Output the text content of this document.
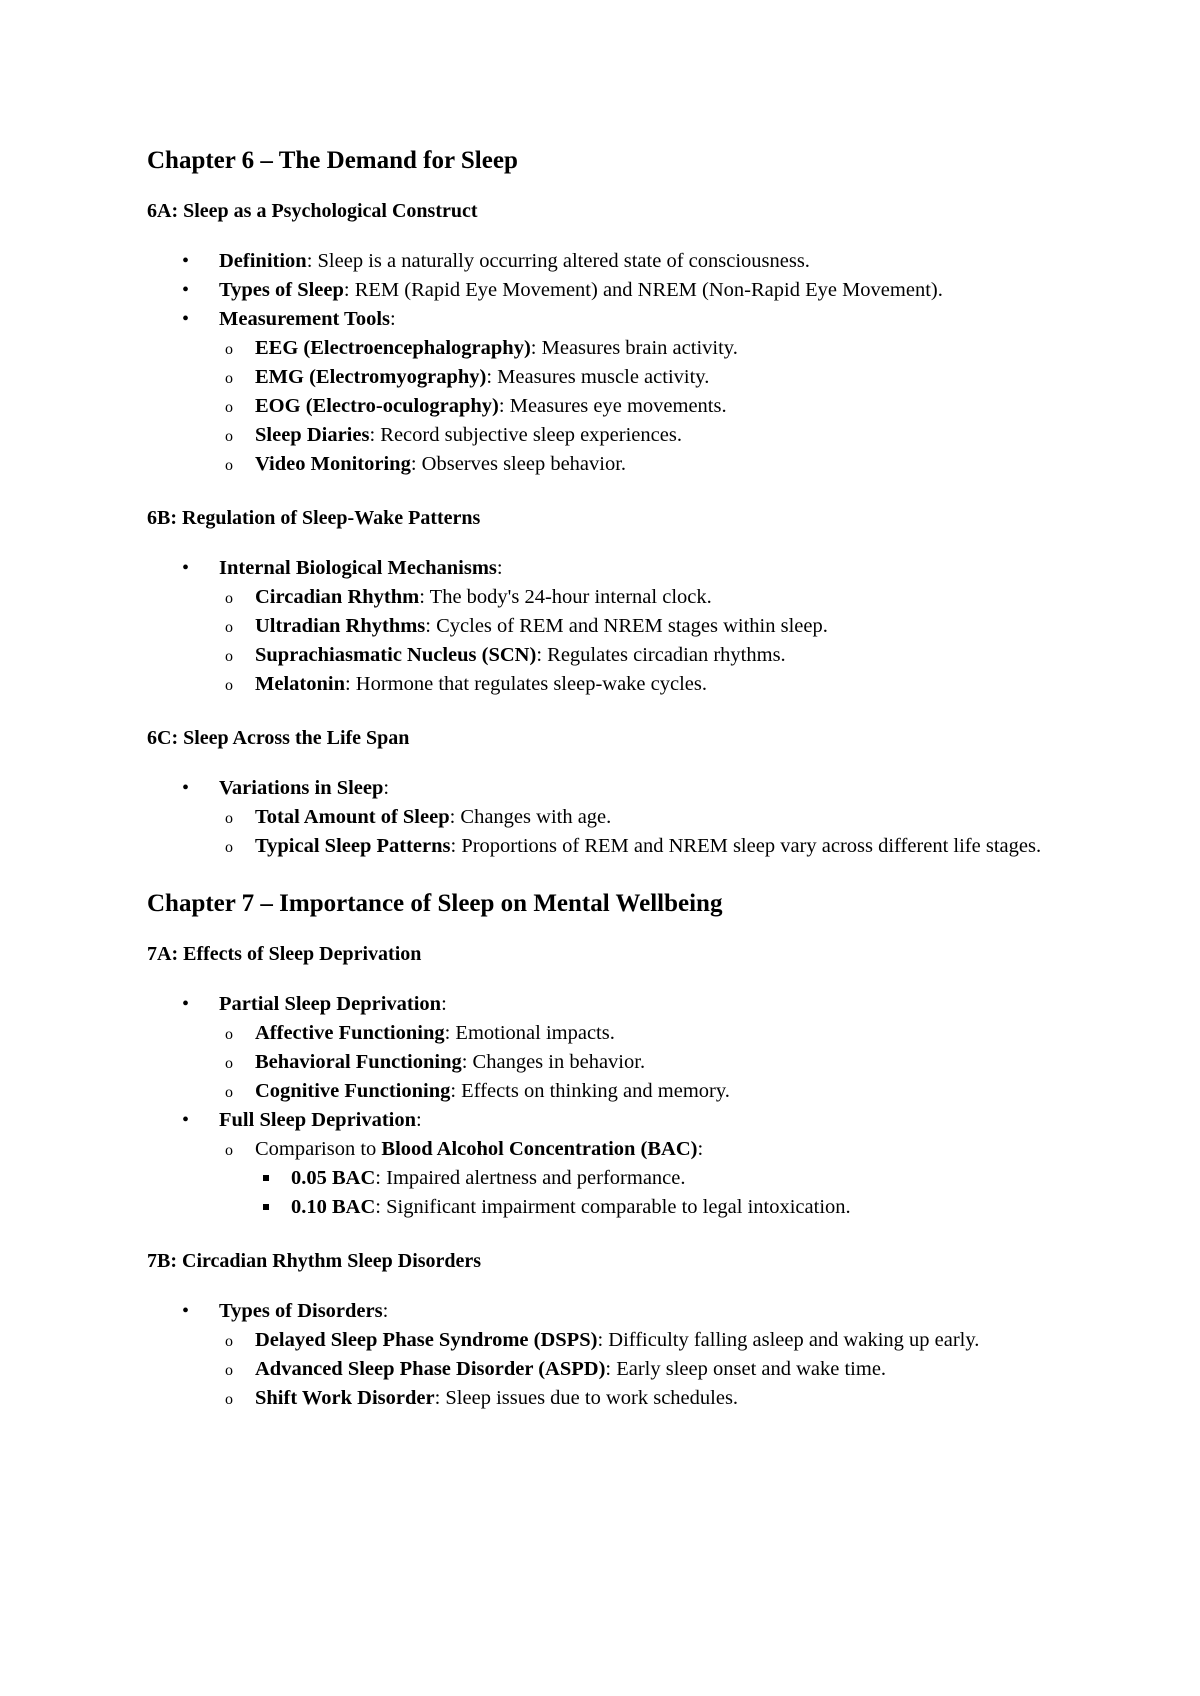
Chapter 6 – The Demand for Sleep
6A: Sleep as a Psychological Construct
• Definition: Sleep is a naturally occurring altered state of consciousness.
• Types of Sleep: REM (Rapid Eye Movement) and NREM (Non-Rapid Eye Movement).
• Measurement Tools:
o EEG (Electroencephalography): Measures brain activity.
o EMG (Electromyography): Measures muscle activity.
o EOG (Electro-oculography): Measures eye movements.
o Sleep Diaries: Record subjective sleep experiences.
o Video Monitoring: Observes sleep behavior.
6B: Regulation of Sleep-Wake Patterns
• Internal Biological Mechanisms:
o Circadian Rhythm: The body's 24-hour internal clock.
o Ultradian Rhythms: Cycles of REM and NREM stages within sleep.
o Suprachiasmatic Nucleus (SCN): Regulates circadian rhythms.
o Melatonin: Hormone that regulates sleep-wake cycles.
6C: Sleep Across the Life Span
• Variations in Sleep:
o Total Amount of Sleep: Changes with age.
o Typical Sleep Patterns: Proportions of REM and NREM sleep vary across different life stages.
Chapter 7 – Importance of Sleep on Mental Wellbeing
7A: Effects of Sleep Deprivation
• Partial Sleep Deprivation:
o Affective Functioning: Emotional impacts.
o Behavioral Functioning: Changes in behavior.
o Cognitive Functioning: Effects on thinking and memory.
• Full Sleep Deprivation:
o Comparison to Blood Alcohol Concentration (BAC):
0.05 BAC: Impaired alertness and performance.
0.10 BAC: Significant impairment comparable to legal intoxication.
7B: Circadian Rhythm Sleep Disorders
• Types of Disorders:
o Delayed Sleep Phase Syndrome (DSPS): Difficulty falling asleep and waking up early.
o Advanced Sleep Phase Disorder (ASPD): Early sleep onset and wake time.
o Shift Work Disorder: Sleep issues due to work schedules.
